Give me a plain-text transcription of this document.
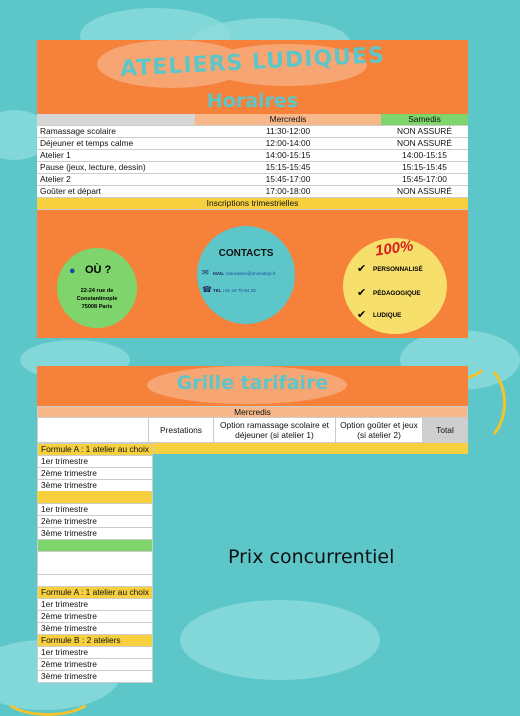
ATELIERS LUDIQUES
Horaires
	Mercredis	Samedis
Ramassage scolaire	11:30-12:00	NON ASSURÉ
Déjeuner et temps calme	12:00-14:00	NON ASSURÉ
Atelier 1	14:00-15:15	14:00-15:15
Pause (jeux, lecture, dessin)	15:15-15:45	15:15-15:45
Atelier 2	15:45-17:00	15:45-17:00
Goûter et départ	17:00-18:00	NON ASSURÉ
Inscriptions trimestrielles		
● OÙ ?
22-24 rue de
Constantinople
75008 Paris
CONTACTS
✉ MAIL : education@animotiop.fr
☎ TEL : 01 44 70 94 33
100%
✔ PERSONNALISÉ
✔ PÉDAGOGIQUE
✔ LUDIQUE
Grille tarifaire
Mercredis
	Prestations	Option ramassage scolaire et déjeuner (si atelier 1)	Option goûter et jeux (si atelier 2)	Total
Formule A : 1 atelier au choix
1er trimestre
2ème trimestre
3ème trimestre

1er trimestre
2ème trimestre
3ème trimestre

Formule A : 1 atelier au choix
1er trimestre
2ème trimestre
3ème trimestre
Formule B : 2 ateliers
1er trimestre
2ème trimestre
3ème trimestre
Prix concurrentiel
